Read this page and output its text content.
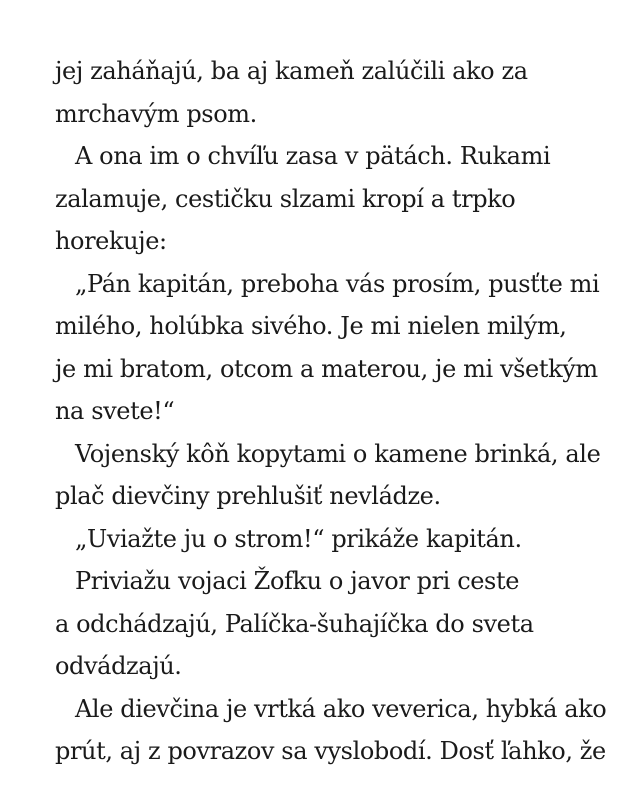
jej zaháňajú, ba aj kameň zalúčili ako za
mrchavým psom.
A ona im o chvíľu zasa v pätách. Rukami
zalamuje, cestičku slzami kropí a trpko
horekuje:
„Pán kapitán, preboha vás prosím, pusťte mi
milého, holúbka sivého. Je mi nielen milým,
je mi bratom, otcom a materou, je mi všetkým
na svete!“
Vojenský kôň kopytami o kamene brinká, ale
plač dievčiny prehlušiť nevládze.
„Uviažte ju o strom!“ prikáže kapitán.
Priviažu vojaci Žofku o javor pri ceste
a odchádzajú, Palíčka-šuhajíčka do sveta
odvádzajú.
Ale dievčina je vrtká ako veverica, hybká ako
prút, aj z povrazov sa vyslobodí. Dosť ľahko, že
